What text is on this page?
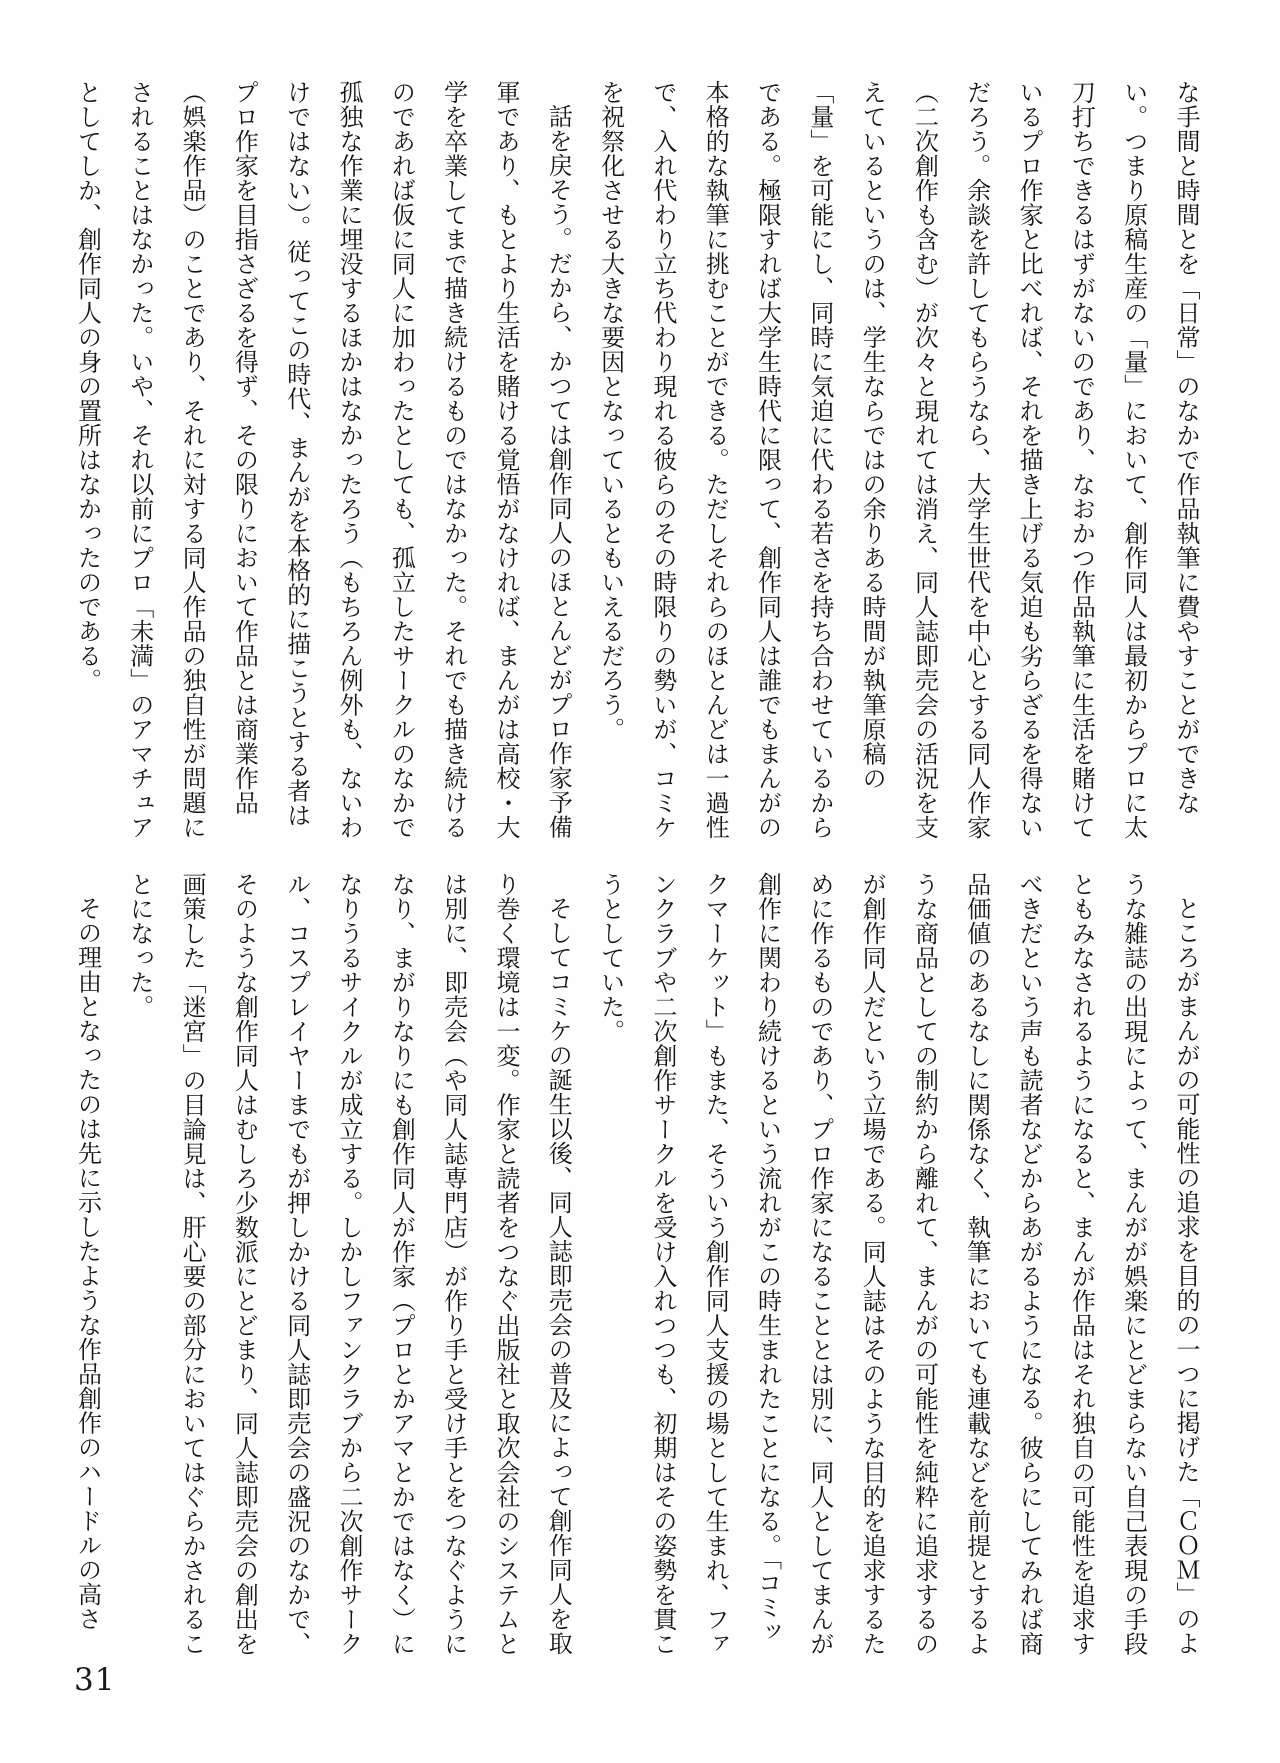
な手間と時間とを「日常」のなかで作品執筆に費やすことができない。つまり原稿生産の「量」において、創作同人は最初からプロに太刀打ちできるはずがないのであり、なおかつ作品執筆に生活を賭けているプロ作家と比べれば、それを描き上げる気迫も劣らざるを得ないだろう。余談を許してもらうなら、大学生世代を中心とする同人作家（二次創作も含む）が次々と現れては消え、同人誌即売会の活況を支えているというのは、学生ならではの余りある時間が執筆原稿の「量」を可能にし、同時に気迫に代わる若さを持ち合わせているからである。極限すれば大学生時代に限って、創作同人は誰でもまんがの本格的な執筆に挑むことができる。ただしそれらのほとんどは一過性で、入れ代わり立ち代わり現れる彼らのその時限りの勢いが、コミケを祝祭化させる大きな要因となっているともいえるだろう。

話を戻そう。だから、かつては創作同人のほとんどがプロ作家予備軍であり、もとより生活を賭ける覚悟がなければ、まんがは高校・大学を卒業してまで描き続けるものではなかった。それでも描き続けるのであれば仮に同人に加わったとしても、孤立したサークルのなかで孤独な作業に埋没するほかはなかったろう（もちろん例外も、ないわけではない）。従ってこの時代、まんがを本格的に描こうとする者はプロ作家を目指さざるを得ず、その限りにおいて作品とは商業作品（娯楽作品）のことであり、それに対する同人作品の独自性が問題にされることはなかった。いや、それ以前にプロ「未満」のアマチュアとしてしか、創作同人の身の置所はなかったのである。

ところがまんがの可能性の追求を目的の一つに掲げた「ＣＯＭ」のような雑誌の出現によって、まんがが娯楽にとどまらない自己表現の手段ともみなされるようになると、まんが作品はそれ独自の可能性を追求すべきだという声も読者などからあがるようになる。彼らにしてみれば商品価値のあるなしに関係なく、執筆においても連載などを前提とするような商品としての制約から離れて、まんがの可能性を純粋に追求するのが創作同人だという立場である。同人誌はそのような目的を追求するために作るものであり、プロ作家になることとは別に、同人としてまんが創作に関わり続けるという流れがこの時生まれたことになる。「コミックマーケット」もまた、そういう創作同人支援の場として生まれ、ファンクラブや二次創作サークルを受け入れつつも、初期はその姿勢を貫こうとしていた。

そしてコミケの誕生以後、同人誌即売会の普及によって創作同人を取り巻く環境は一変。作家と読者をつなぐ出版社と取次会社のシステムとは別に、即売会（や同人誌専門店）が作り手と受け手とをつなぐようになり、まがりなりにも創作同人が作家（プロとかアマとかではなく）になりうるサイクルが成立する。しかしファンクラブから二次創作サークル、コスプレイヤーまでもが押しかける同人誌即売会の盛況のなかで、そのような創作同人はむしろ少数派にとどまり、同人誌即売会の創出を画策した「迷宮」の目論見は、肝心要の部分においてはぐらかされることになった。

その理由となったのは先に示したような作品創作のハードルの高さ

31
